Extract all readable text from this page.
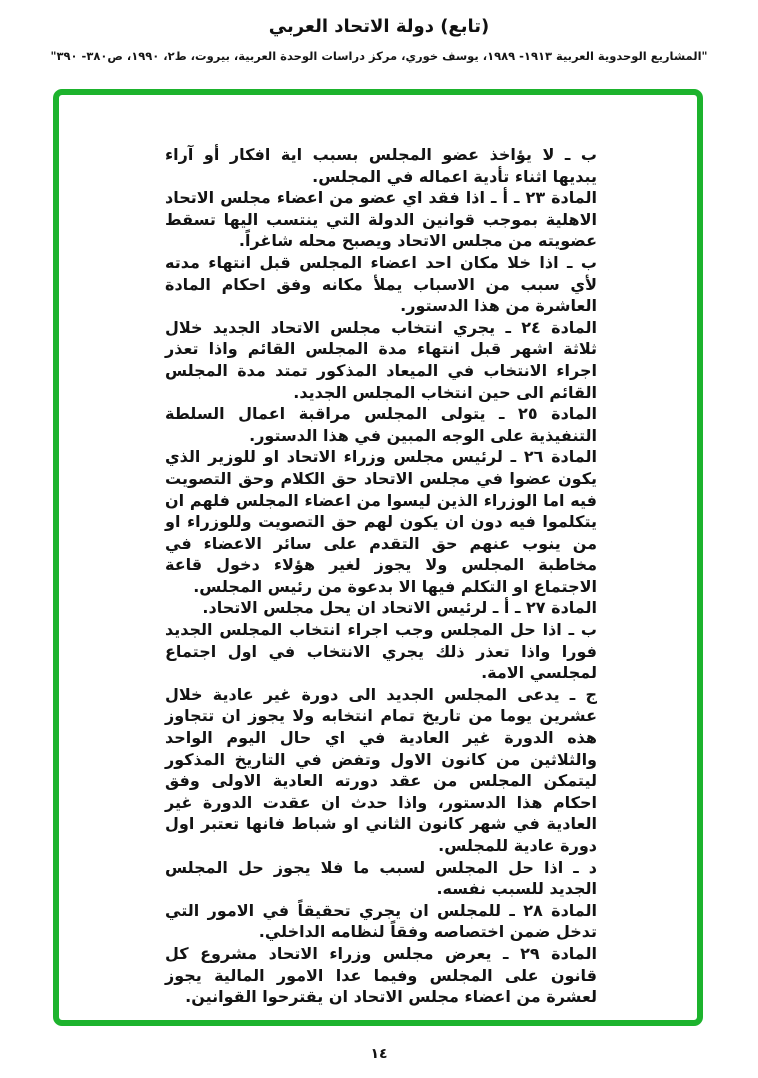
(تابع) دولة الاتحاد العربي
"المشاريع الوحدوية العربية ١٩١٣- ١٩٨٩، يوسف خوري، مركز دراسات الوحدة العربية، بيروت، ط٢، ١٩٩٠، ص٣٨٠- ٣٩٠"

ب ـ لا يؤاخذ عضو المجلس بسبب اية افكار أو آراء يبديها اثناء تأدية اعماله في المجلس.

المادة ٢٣ ـ أ ـ اذا فقد اي عضو من اعضاء مجلس الاتحاد الاهلية بموجب قوانين الدولة التي ينتسب اليها تسقط عضويته من مجلس الاتحاد ويصبح محله شاغراً.

ب ـ اذا خلا مكان احد اعضاء المجلس قبل انتهاء مدته لأي سبب من الاسباب يملأ مكانه وفق احكام المادة العاشرة من هذا الدستور.

المادة ٢٤ ـ يجري انتخاب مجلس الاتحاد الجديد خلال ثلاثة اشهر قبل انتهاء مدة المجلس القائم واذا تعذر اجراء الانتخاب في الميعاد المذكور تمتد مدة المجلس القائم الى حين انتخاب المجلس الجديد.

المادة ٢٥ ـ يتولى المجلس مراقبة اعمال السلطة التنفيذية على الوجه المبين في هذا الدستور.

المادة ٢٦ ـ لرئيس مجلس وزراء الاتحاد او للوزير الذي يكون عضوا في مجلس الاتحاد حق الكلام وحق التصويت فيه اما الوزراء الذين ليسوا من اعضاء المجلس فلهم ان يتكلموا فيه دون ان يكون لهم حق التصويت وللوزراء او من ينوب عنهم حق التقدم على سائر الاعضاء في مخاطبة المجلس ولا يجوز لغير هؤلاء دخول قاعة الاجتماع او التكلم فيها الا بدعوة من رئيس المجلس.

المادة ٢٧ ـ أ ـ لرئيس الاتحاد ان يحل مجلس الاتحاد.

ب ـ اذا حل المجلس وجب اجراء انتخاب المجلس الجديد فورا واذا تعذر ذلك يجري الانتخاب في اول اجتماع لمجلسي الامة.

ج ـ يدعى المجلس الجديد الى دورة غير عادية خلال عشرين يوما من تاريخ تمام انتخابه ولا يجوز ان تتجاوز هذه الدورة غير العادية في اي حال اليوم الواحد والثلاثين من كانون الاول وتفض في التاريخ المذكور ليتمكن المجلس من عقد دورته العادية الاولى وفق احكام هذا الدستور، واذا حدث ان عقدت الدورة غير العادية في شهر كانون الثاني او شباط فانها تعتبر اول دورة عادية للمجلس.

د ـ اذا حل المجلس لسبب ما فلا يجوز حل المجلس الجديد للسبب نفسه.

المادة ٢٨ ـ للمجلس ان يجري تحقيقاً في الامور التي تدخل ضمن اختصاصه وفقاً لنظامه الداخلي.

المادة ٢٩ ـ يعرض مجلس وزراء الاتحاد مشروع كل قانون على المجلس وفيما عدا الامور المالية يجوز لعشرة من اعضاء مجلس الاتحاد ان يقترحوا القوانين.

١٤
